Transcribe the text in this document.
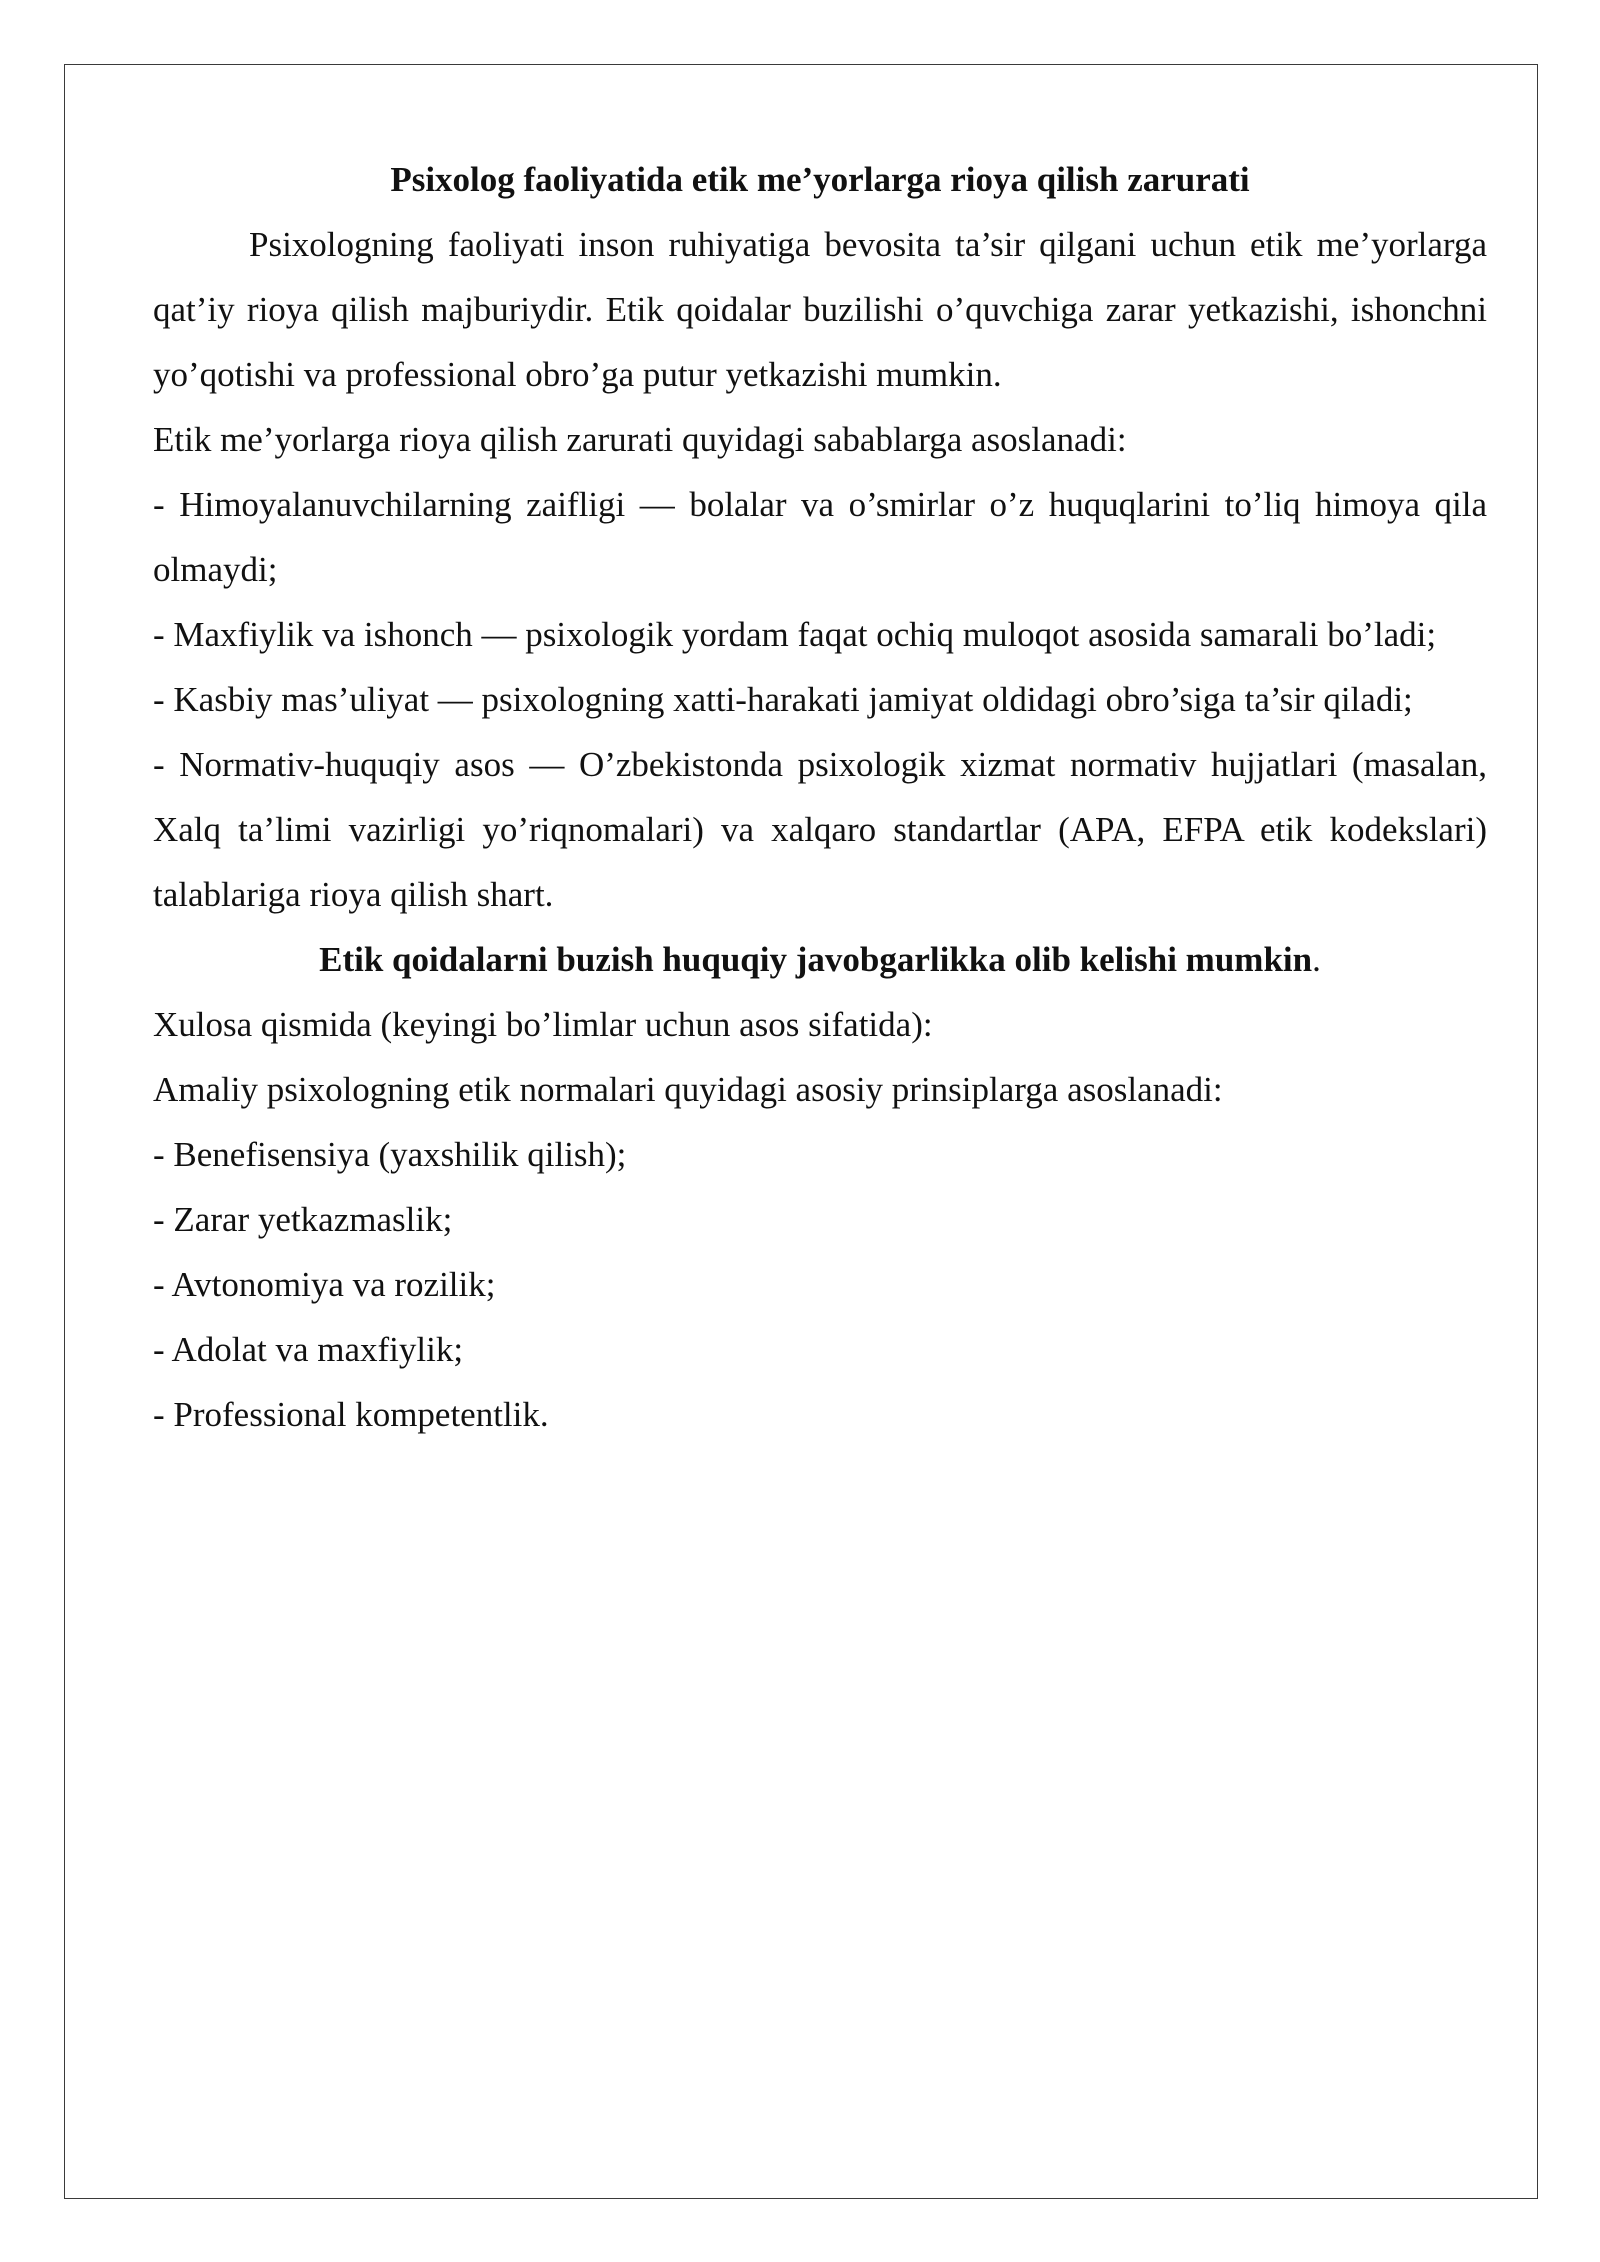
Psixolog faoliyatida etik me’yorlarga rioya qilish zarurati

Psixologning faoliyati inson ruhiyatiga bevosita ta’sir qilgani uchun etik me’yorlarga qat’iy rioya qilish majburiydir. Etik qoidalar buzilishi o’quvchiga zarar yetkazishi, ishonchni yo’qotishi va professional obro’ga putur yetkazishi mumkin.

Etik me’yorlarga rioya qilish zarurati quyidagi sabablarga asoslanadi:

- Himoyalanuvchilarning zaifligi — bolalar va o’smirlar o’z huquqlarini to’liq himoya qila olmaydi;

- Maxfiylik va ishonch — psixologik yordam faqat ochiq muloqot asosida samarali bo’ladi;

- Kasbiy mas’uliyat — psixologning xatti-harakati jamiyat oldidagi obro’siga ta’sir qiladi;

- Normativ-huquqiy asos — O’zbekistonda psixologik xizmat normativ hujjatlari (masalan, Xalq ta’limi vazirligi yo’riqnomalari) va xalqaro standartlar (APA, EFPA etik kodekslari) talablariga rioya qilish shart.

Etik qoidalarni buzish huquqiy javobgarlikka olib kelishi mumkin.

Xulosa qismida (keyingi bo’limlar uchun asos sifatida):

Amaliy psixologning etik normalari quyidagi asosiy prinsiplarga asoslanadi:

- Benefisensiya (yaxshilik qilish);

- Zarar yetkazmaslik;

- Avtonomiya va rozilik;

- Adolat va maxfiylik;

- Professional kompetentlik.
